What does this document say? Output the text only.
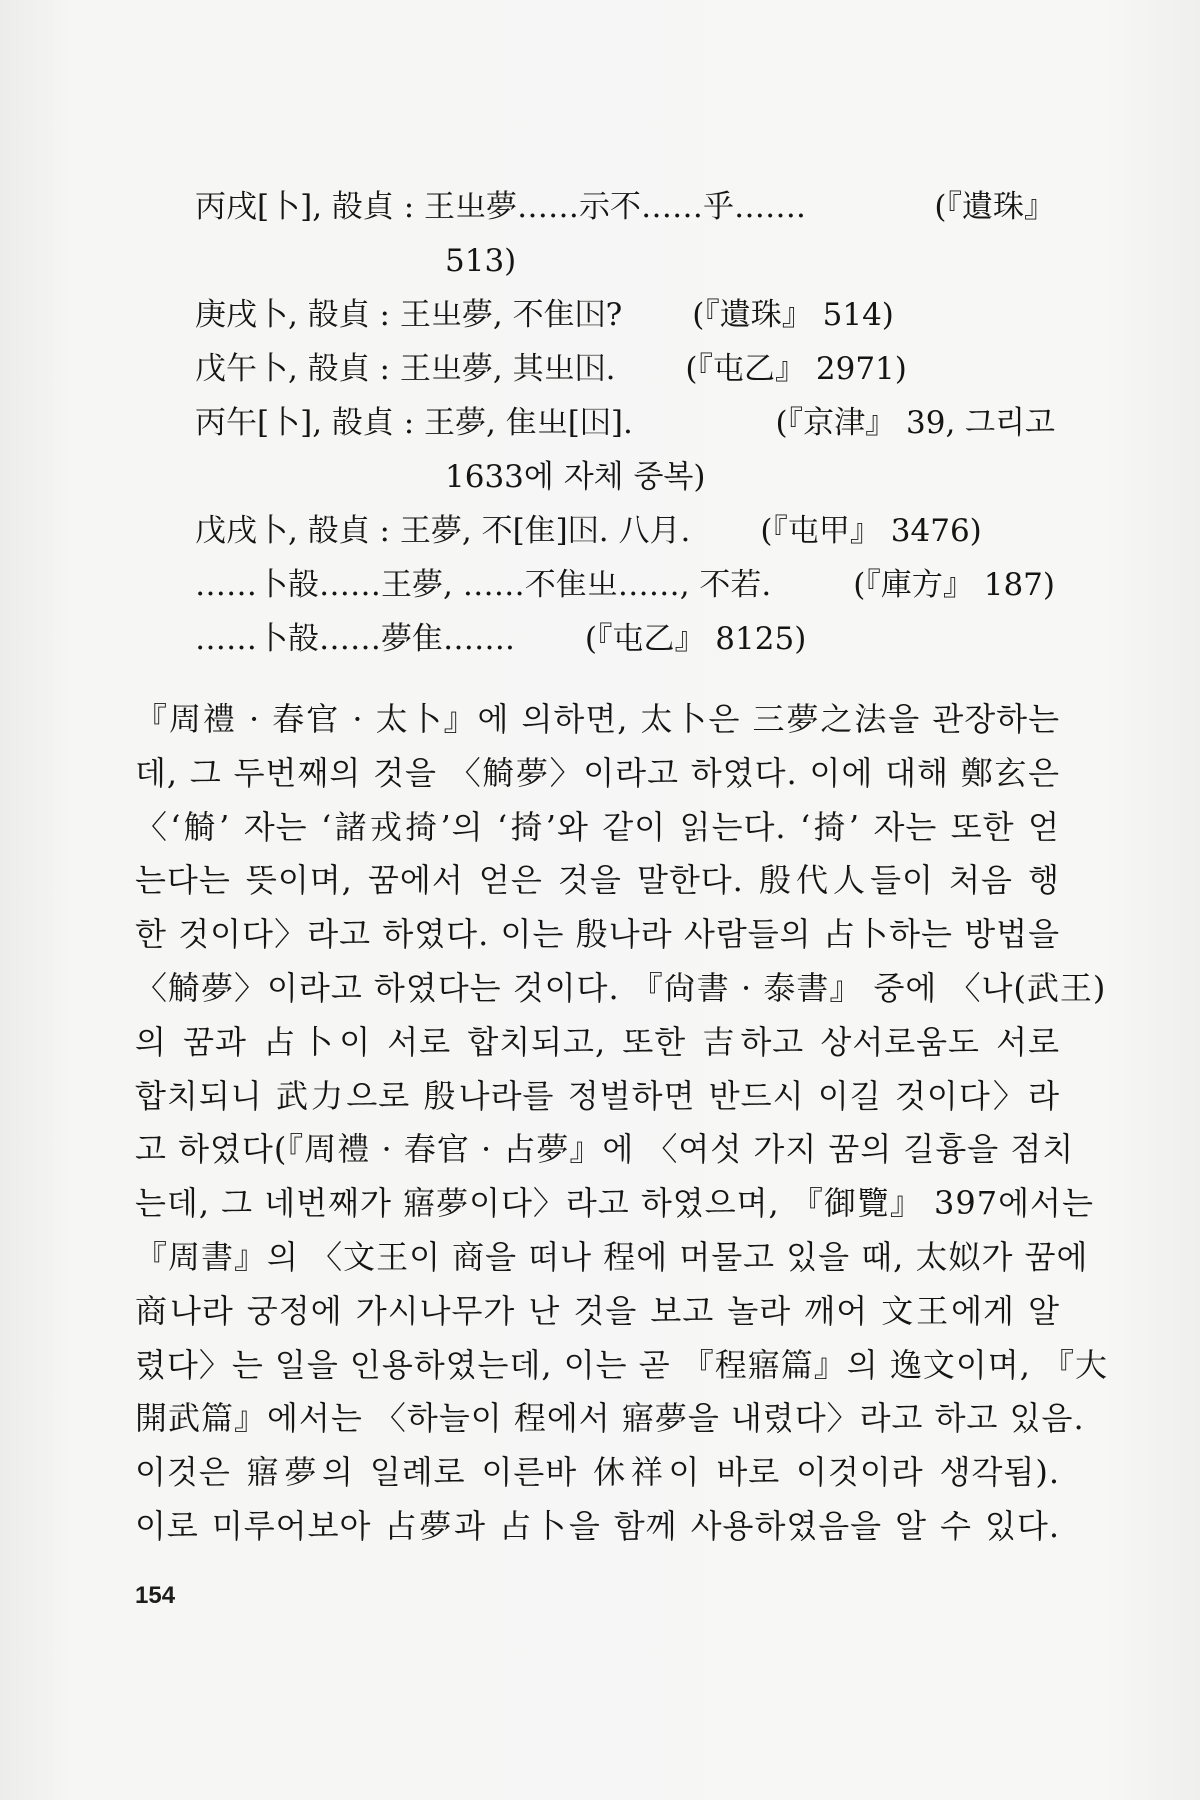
丙戌[卜], 㱿貞 : 王㞢夢……示不……乎…….	(『遺珠』
513)
庚戌卜, 㱿貞 : 王㞢夢, 不隹𡆥?	(『遺珠』 514)
戊午卜, 㱿貞 : 王㞢夢, 其㞢𡆥.	(『屯乙』 2971)
丙午[卜], 㱿貞 : 王夢, 隹㞢[𡆥].	(『京津』 39, 그리고
1633에 자체 중복)
戊戌卜, 㱿貞 : 王夢, 不[隹]𡆥. 八月.	(『屯甲』 3476)
……卜㱿……王夢, ……不隹㞢……, 不若.	(『庫方』 187)
……卜㱿……夢隹…….	(『屯乙』 8125)
『周禮 · 春官 · 太卜』에 의하면, 太卜은 三夢之法을 관장하는
데, 그 두번째의 것을 〈觭夢〉이라고 하였다. 이에 대해 鄭玄은
〈‘觭’ 자는 ‘諸戎掎’의 ‘掎’와 같이 읽는다. ‘掎’ 자는 또한 얻
는다는 뜻이며, 꿈에서 얻은 것을 말한다. 殷代人들이 처음 행
한 것이다〉라고 하였다. 이는 殷나라 사람들의 占卜하는 방법을
〈觭夢〉이라고 하였다는 것이다. 『尙書 · 泰書』 중에 〈나(武王)
의 꿈과 占卜이 서로 합치되고, 또한 吉하고 상서로움도 서로
합치되니 武力으로 殷나라를 정벌하면 반드시 이길 것이다〉라
고 하였다(『周禮 · 春官 · 占夢』에 〈여섯 가지 꿈의 길흉을 점치
는데, 그 네번째가 寤夢이다〉라고 하였으며, 『御覽』 397에서는
『周書』의 〈文王이 商을 떠나 程에 머물고 있을 때, 太姒가 꿈에
商나라 궁정에 가시나무가 난 것을 보고 놀라 깨어 文王에게 알
렸다〉는 일을 인용하였는데, 이는 곧 『程寤篇』의 逸文이며, 『大
開武篇』에서는 〈하늘이 程에서 寤夢을 내렸다〉라고 하고 있음.
이것은 寤夢의 일례로 이른바 休祥이 바로 이것이라 생각됨).
이로 미루어보아 占夢과 占卜을 함께 사용하였음을 알 수 있다.
154
